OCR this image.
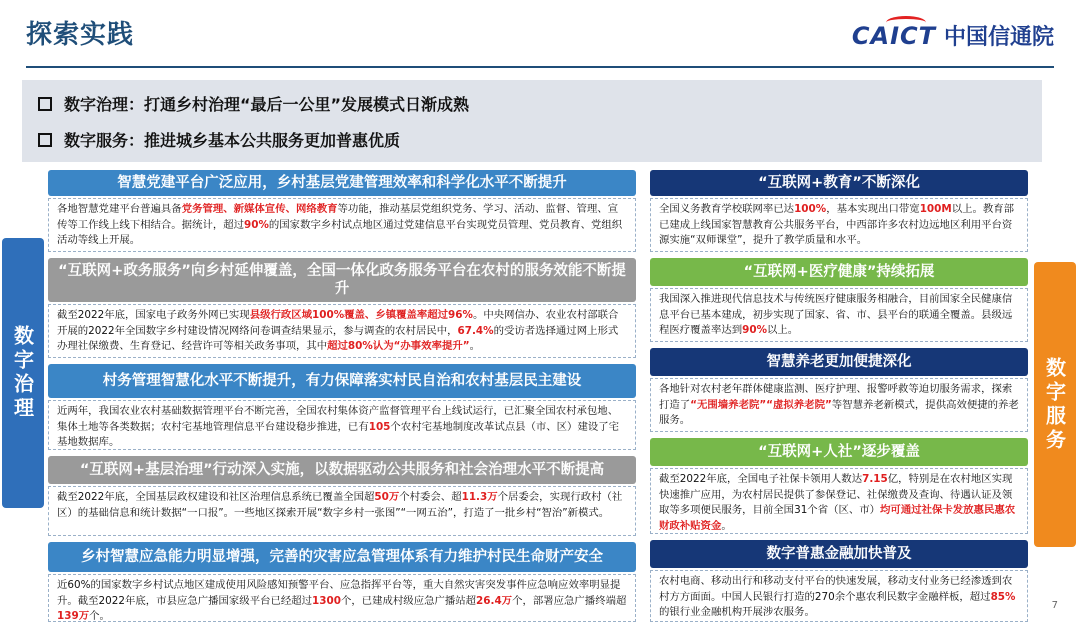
探索实践	CAICT 中国信通院
数字治理：打通乡村治理“最后一公里”发展模式日渐成熟
数字服务：推进城乡基本公共服务更加普惠优质
数字治理	数字服务
智慧党建平台广泛应用，乡村基层党建管理效率和科学化水平不断提升
各地智慧党建平台普遍具备党务管理、新媒体宣传、网络教育等功能，推动基层党组织党务、学习、活动、监督、管理、宣传等工作线上线下相结合。据统计，超过90%的国家数字乡村试点地区通过党建信息平台实现党员管理、党员教育、党组织活动等线上开展。
“互联网+政务服务”向乡村延伸覆盖，全国一体化政务服务平台在农村的服务效能不断提升
截至2022年底，国家电子政务外网已实现县级行政区域100%覆盖、乡镇覆盖率超过96%。中央网信办、农业农村部联合开展的2022年全国数字乡村建设情况网络问卷调查结果显示，参与调查的农村居民中，67.4%的受访者选择通过网上形式办理社保缴费、生育登记、经营许可等相关政务事项，其中超过80%认为“办事效率提升”。
村务管理智慧化水平不断提升，有力保障落实村民自治和农村基层民主建设
近两年，我国农业农村基础数据管理平台不断完善，全国农村集体资产监督管理平台上线试运行，已汇聚全国农村承包地、集体土地等各类数据；农村宅基地管理信息平台建设稳步推进，已有105个农村宅基地制度改革试点县（市、区）建设了宅基地数据库。
“互联网+基层治理”行动深入实施，以数据驱动公共服务和社会治理水平不断提高
截至2022年底，全国基层政权建设和社区治理信息系统已覆盖全国超50万个村委会、超11.3万个居委会，实现行政村（社区）的基础信息和统计数据“一口报”。一些地区探索开展“数字乡村一张图”“一网五治”，打造了一批乡村“智治”新模式。
乡村智慧应急能力明显增强，完善的灾害应急管理体系有力维护村民生命财产安全
近60%的国家数字乡村试点地区建成使用风险感知预警平台、应急指挥平台等，重大自然灾害突发事件应急响应效率明显提升。截至2022年底，市县应急广播国家级平台已经超过1300个，已建成村级应急广播站超26.4万个，部署应急广播终端超139万个。
“互联网+教育”不断深化
全国义务教育学校联网率已达100%，基本实现出口带宽100M以上。教育部已建成上线国家智慧教育公共服务平台，中西部许多农村边远地区利用平台资源实施“双师课堂”，提升了教学质量和水平。
“互联网+医疗健康”持续拓展
我国深入推进现代信息技术与传统医疗健康服务相融合，目前国家全民健康信息平台已基本建成，初步实现了国家、省、市、县平台的联通全覆盖。县级远程医疗覆盖率达到90%以上。
智慧养老更加便捷深化
各地针对农村老年群体健康监测、医疗护理、报警呼救等迫切服务需求，探索打造了“无围墙养老院”“虚拟养老院”等智慧养老新模式，提供高效便捷的养老服务。
“互联网+人社”逐步覆盖
截至2022年底，全国电子社保卡领用人数达7.15亿，特别是在农村地区实现快速推广应用，为农村居民提供了参保登记、社保缴费及查询、待遇认证及领取等多项便民服务，目前全国31个省（区、市）均可通过社保卡发放惠民惠农财政补贴资金。
数字普惠金融加快普及
农村电商、移动出行和移动支付平台的快速发展，移动支付业务已经渗透到农村方方面面。中国人民银行打造的270余个惠农利民数字金融样板，超过85%的银行业金融机构开展涉农服务。
7
